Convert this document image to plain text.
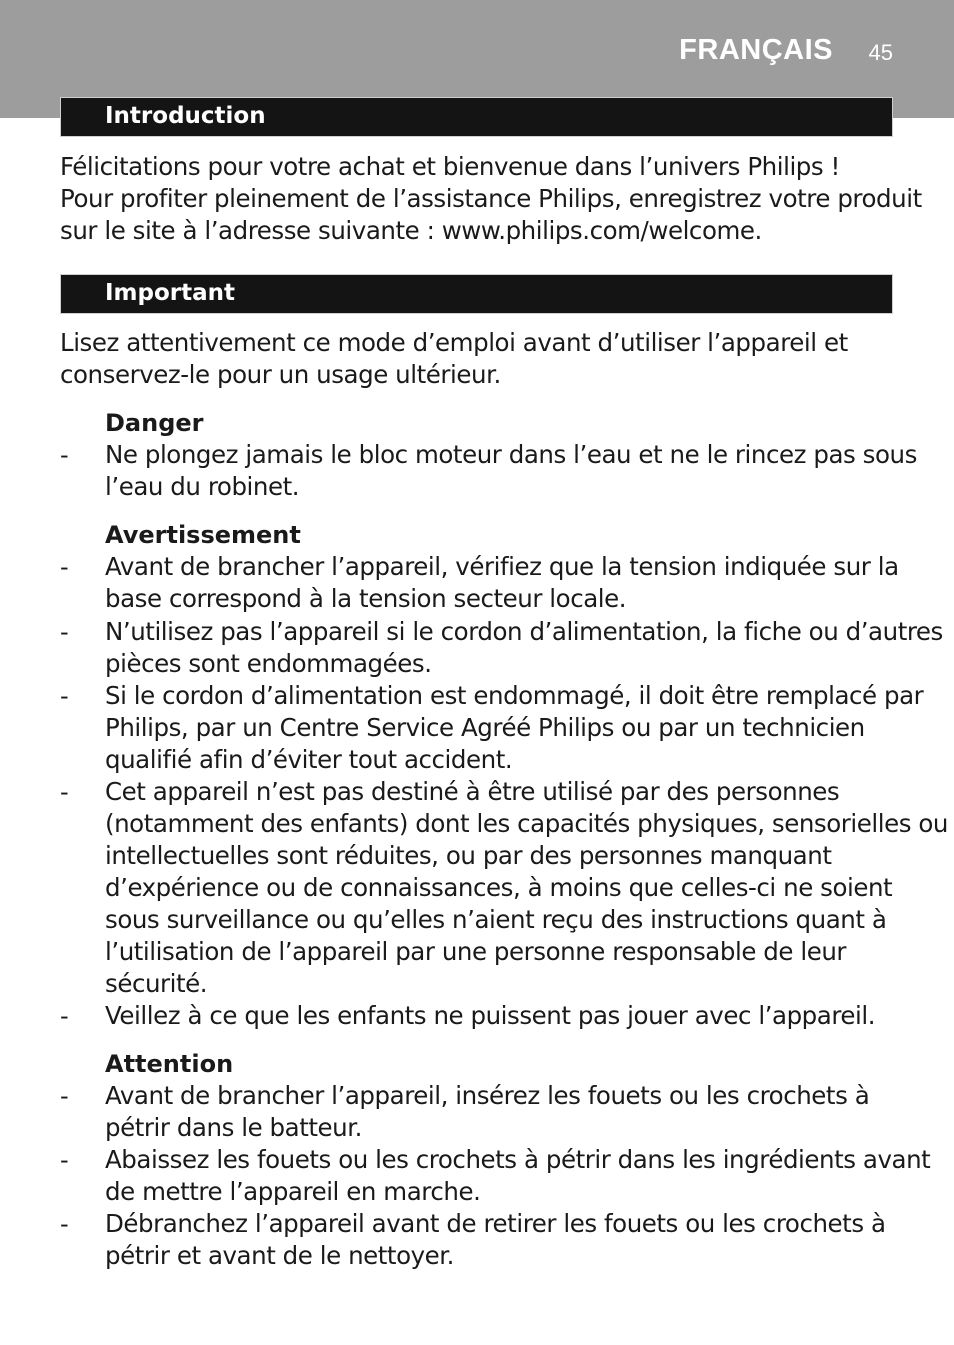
FRANÇAIS 45
Introduction
Félicitations pour votre achat et bienvenue dans l’univers Philips !
Pour profiter pleinement de l’assistance Philips, enregistrez votre produit
sur le site à l’adresse suivante : www.philips.com/welcome.
Important
Lisez attentivement ce mode d’emploi avant d’utiliser l’appareil et
conservez-le pour un usage ultérieur.
Danger
-	Ne plongez jamais le bloc moteur dans l’eau et ne le rincez pas sous
l’eau du robinet.
Avertissement
-	Avant de brancher l’appareil, vérifiez que la tension indiquée sur la
base correspond à la tension secteur locale.
-	N’utilisez pas l’appareil si le cordon d’alimentation, la fiche ou d’autres
pièces sont endommagées.
-	Si le cordon d’alimentation est endommagé, il doit être remplacé par
Philips, par un Centre Service Agréé Philips ou par un technicien
qualifié afin d’éviter tout accident.
-	Cet appareil n’est pas destiné à être utilisé par des personnes
(notamment des enfants) dont les capacités physiques, sensorielles ou
intellectuelles sont réduites, ou par des personnes manquant
d’expérience ou de connaissances, à moins que celles-ci ne soient
sous surveillance ou qu’elles n’aient reçu des instructions quant à
l’utilisation de l’appareil par une personne responsable de leur
sécurité.
-	Veillez à ce que les enfants ne puissent pas jouer avec l’appareil.
Attention
-	Avant de brancher l’appareil, insérez les fouets ou les crochets à
pétrir dans le batteur.
-	Abaissez les fouets ou les crochets à pétrir dans les ingrédients avant
de mettre l’appareil en marche.
-	Débranchez l’appareil avant de retirer les fouets ou les crochets à
pétrir et avant de le nettoyer.
